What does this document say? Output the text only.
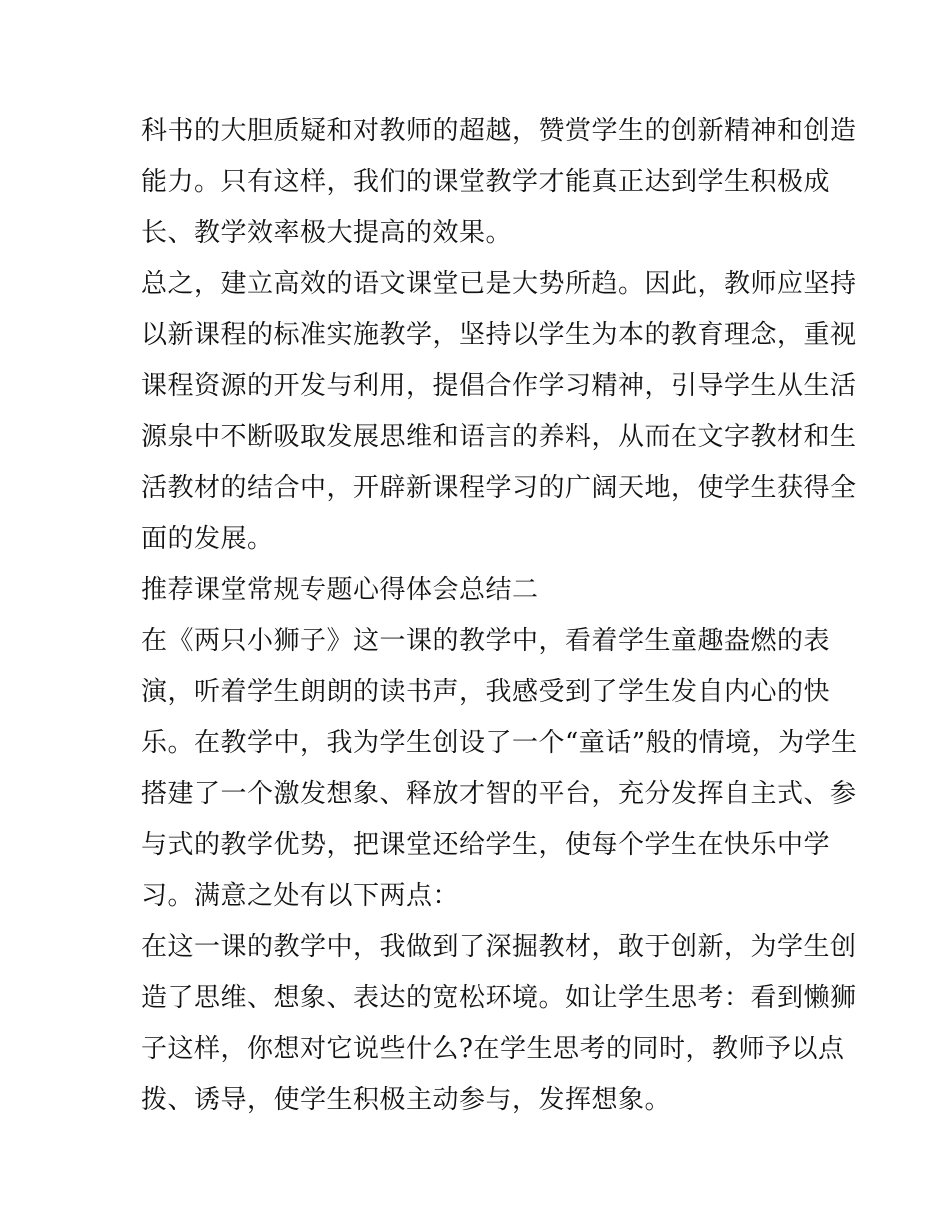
科书的大胆质疑和对教师的超越，赞赏学生的创新精神和创造
能力。只有这样，我们的课堂教学才能真正达到学生积极成
长、教学效率极大提高的效果。
总之，建立高效的语文课堂已是大势所趋。因此，教师应坚持
以新课程的标准实施教学，坚持以学生为本的教育理念，重视
课程资源的开发与利用，提倡合作学习精神，引导学生从生活
源泉中不断吸取发展思维和语言的养料，从而在文字教材和生
活教材的结合中，开辟新课程学习的广阔天地，使学生获得全
面的发展。
推荐课堂常规专题心得体会总结二
在《两只小狮子》这一课的教学中，看着学生童趣盎燃的表
演，听着学生朗朗的读书声，我感受到了学生发自内心的快
乐。在教学中，我为学生创设了一个“童话”般的情境，为学生
搭建了一个激发想象、释放才智的平台，充分发挥自主式、参
与式的教学优势，把课堂还给学生，使每个学生在快乐中学
习。满意之处有以下两点：
在这一课的教学中，我做到了深掘教材，敢于创新，为学生创
造了思维、想象、表达的宽松环境。如让学生思考：看到懒狮
子这样，你想对它说些什么?在学生思考的同时，教师予以点
拨、诱导，使学生积极主动参与，发挥想象。
